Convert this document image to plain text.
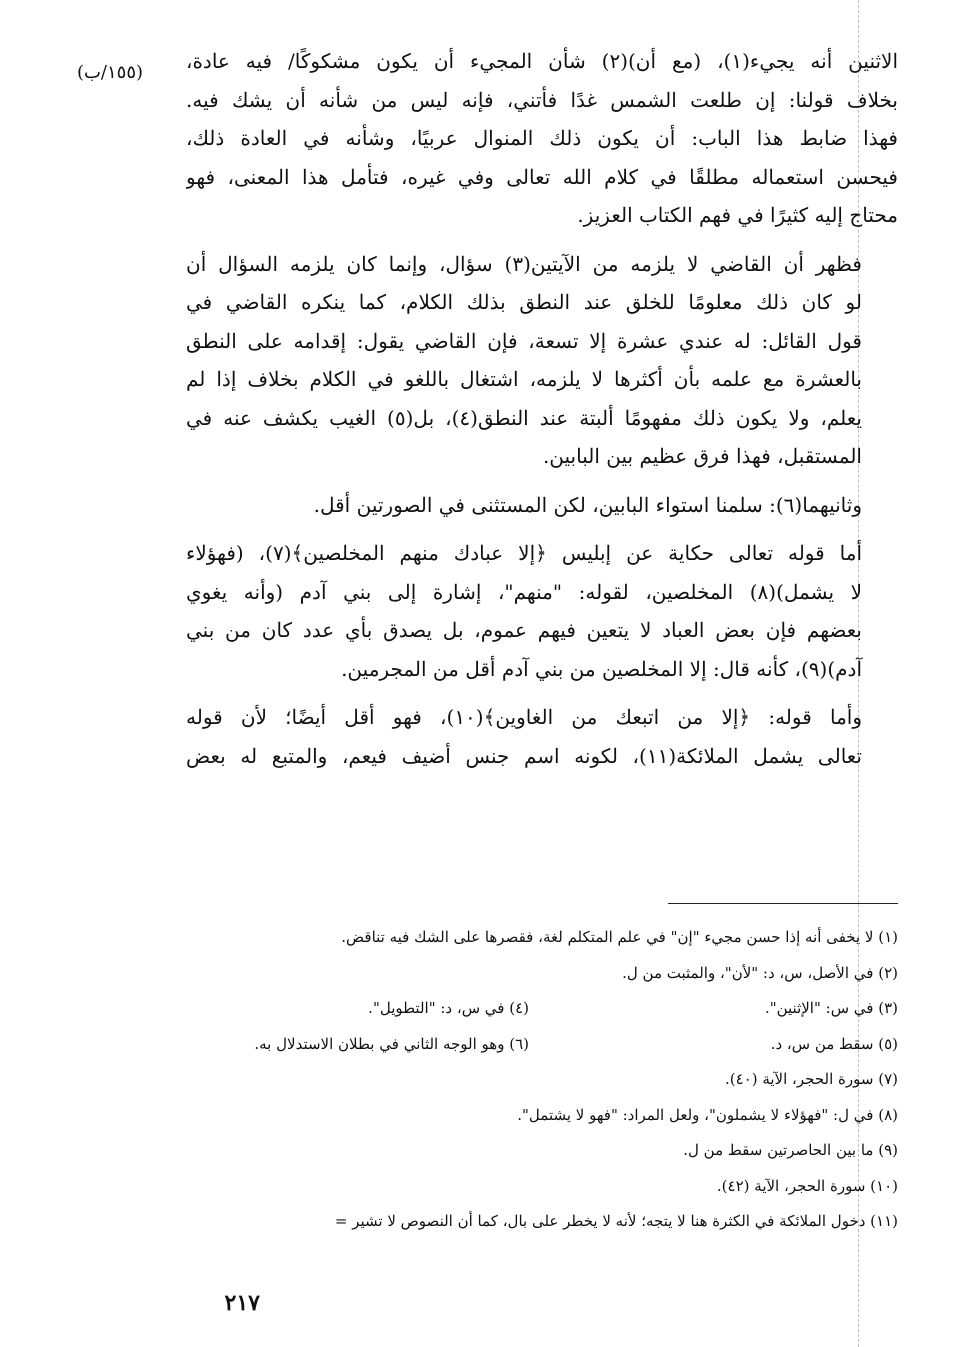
(١٥٥/ب)	الاثنين أنه يجيء(١)، (مع أن)(٢) شأن المجيء أن يكون مشكوكًا/ فيه عادة،
بخلاف قولنا: إن طلعت الشمس غدًا فأتني، فإنه ليس من شأنه أن يشك فيه.
فهذا ضابط هذا الباب: أن يكون ذلك المنوال عربيًا، وشأنه في العادة ذلك،
فيحسن استعماله مطلقًا في كلام الله تعالى وفي غيره، فتأمل هذا المعنى، فهو
محتاج إليه كثيرًا في فهم الكتاب العزيز.
فظهر أن القاضي لا يلزمه من الآيتين(٣) سؤال، وإنما كان يلزمه السؤال أن
لو كان ذلك معلومًا للخلق عند النطق بذلك الكلام، كما ينكره القاضي في
قول القائل: له عندي عشرة إلا تسعة، فإن القاضي يقول: إقدامه على النطق
بالعشرة مع علمه بأن أكثرها لا يلزمه، اشتغال باللغو في الكلام بخلاف إذا لم
يعلم، ولا يكون ذلك مفهومًا ألبتة عند النطق(٤)، بل(٥) الغيب يكشف عنه في
المستقبل، فهذا فرق عظيم بين البابين.
وثانيهما(٦): سلمنا استواء البابين، لكن المستثنى في الصورتين أقل.
أما قوله تعالى حكاية عن إبليس ﴿إلا عبادك منهم المخلصين﴾(٧)، (فهؤلاء
لا يشمل)(٨) المخلصين، لقوله: "منهم"، إشارة إلى بني آدم (وأنه يغوي
بعضهم فإن بعض العباد لا يتعين فيهم عموم، بل يصدق بأي عدد كان من بني
آدم)(٩)، كأنه قال: إلا المخلصين من بني آدم أقل من المجرمين.
وأما قوله: ﴿إلا من اتبعك من الغاوين﴾(١٠)، فهو أقل أيضًا؛ لأن قوله
تعالى يشمل الملائكة(١١)، لكونه اسم جنس أضيف فيعم، والمتبع له بعض
(١) لا يخفى أنه إذا حسن مجيء "إن" في علم المتكلم لغة، فقصرها على الشك فيه تناقض.
(٢) في الأصل، س، د: "لأن"، والمثبت من ل.
(٣) في س: "الإثنين".
(٤) في س، د: "التطويل".
(٥) سقط من س، د.
(٦) وهو الوجه الثاني في بطلان الاستدلال به.
(٧) سورة الحجر، الآية (٤٠).
(٨) في ل: "فهؤلاء لا يشملون"، ولعل المراد: "فهو لا يشتمل".
(٩) ما بين الحاصرتين سقط من ل.
(١٠) سورة الحجر، الآية (٤٢).
(١١) دخول الملائكة في الكثرة هنا لا يتجه؛ لأنه لا يخطر على بال، كما أن النصوص لا تشير =
٢١٧
